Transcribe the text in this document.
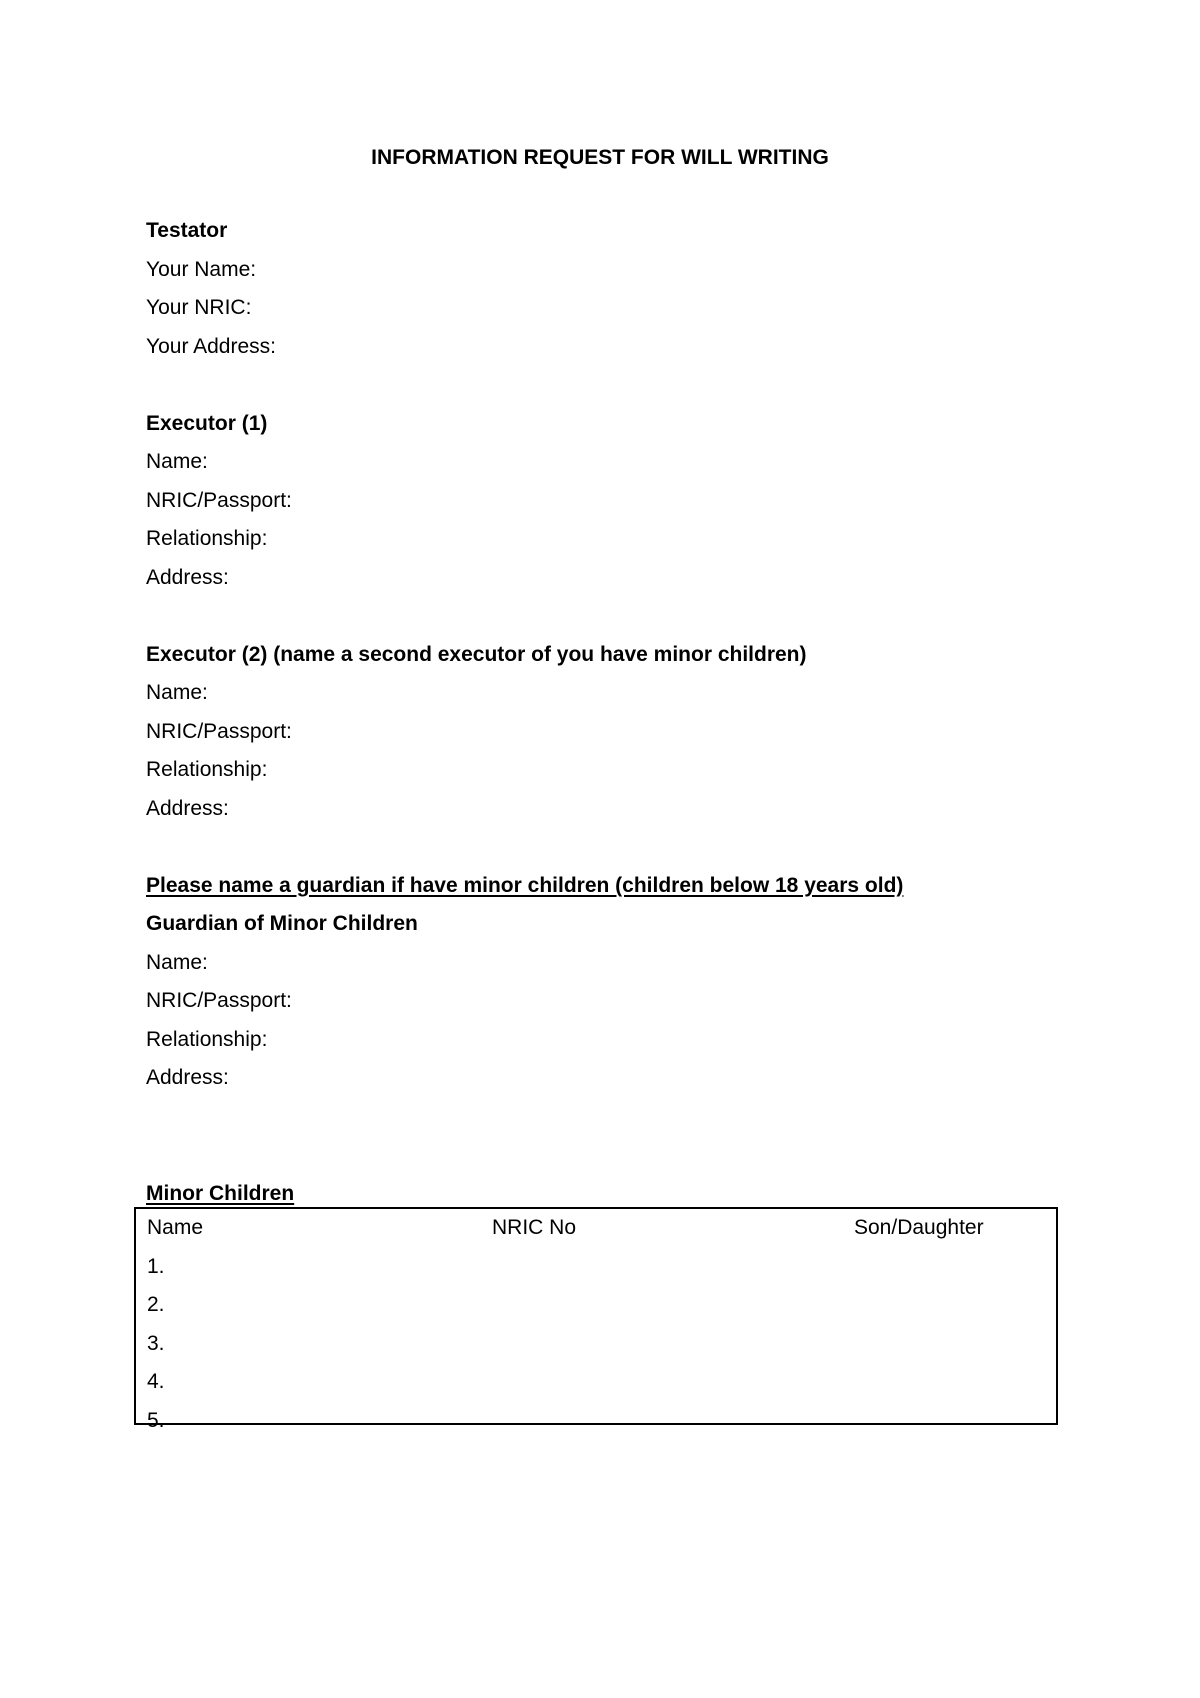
INFORMATION REQUEST FOR WILL WRITING
Testator
Your Name:
Your NRIC:
Your Address:
Executor (1)
Name:
NRIC/Passport:
Relationship:
Address:
Executor (2) (name a second executor of you have minor children)
Name:
NRIC/Passport:
Relationship:
Address:
Please name a guardian if have minor children (children below 18 years old)
Guardian of Minor Children
Name:
NRIC/Passport:
Relationship:
Address:
Minor Children
Name	NRIC No	Son/Daughter
1.
2.
3.
4.
5.
